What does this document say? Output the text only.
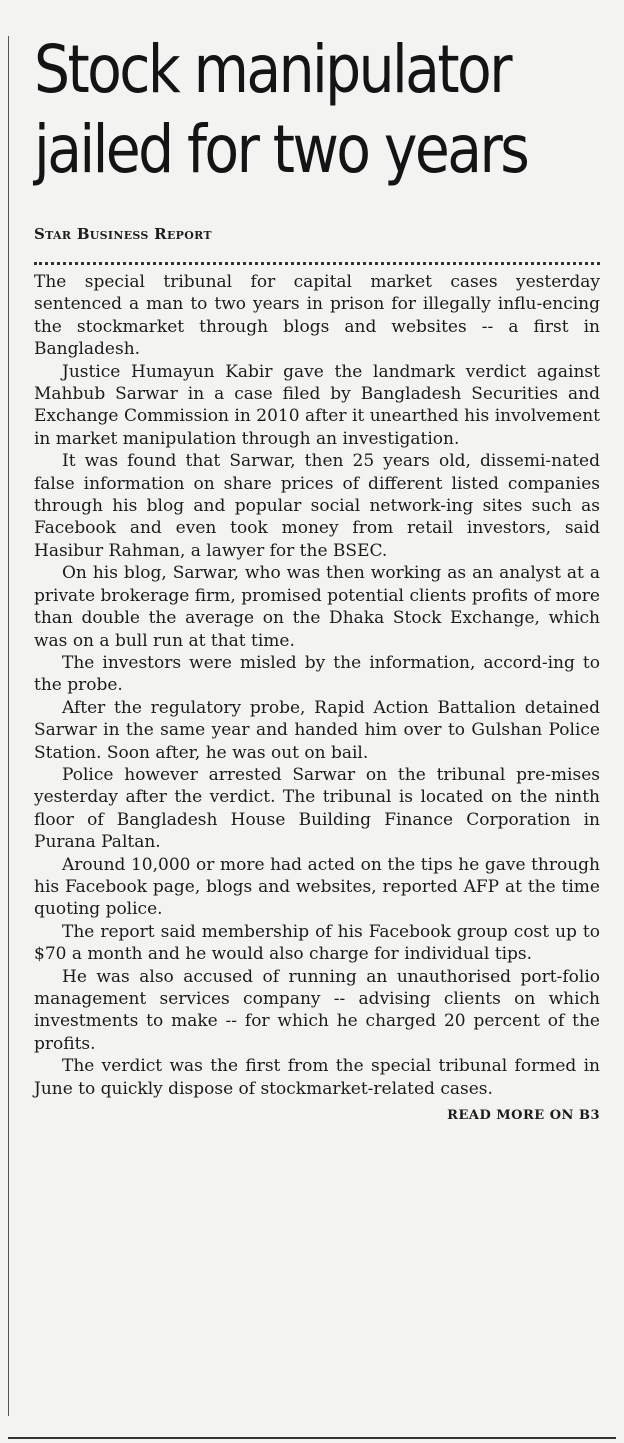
Stock manipulator
jailed for two years
Star Business Report

The special tribunal for capital market cases yesterday sentenced a man to two years in prison for illegally influ-encing the stockmarket through blogs and websites -- a first in Bangladesh.

Justice Humayun Kabir gave the landmark verdict against Mahbub Sarwar in a case filed by Bangladesh Securities and Exchange Commission in 2010 after it unearthed his involvement in market manipulation through an investigation.

It was found that Sarwar, then 25 years old, dissemi-nated false information on share prices of different listed companies through his blog and popular social network-ing sites such as Facebook and even took money from retail investors, said Hasibur Rahman, a lawyer for the BSEC.

On his blog, Sarwar, who was then working as an analyst at a private brokerage firm, promised potential clients profits of more than double the average on the Dhaka Stock Exchange, which was on a bull run at that time.

The investors were misled by the information, accord-ing to the probe.

After the regulatory probe, Rapid Action Battalion detained Sarwar in the same year and handed him over to Gulshan Police Station. Soon after, he was out on bail.

Police however arrested Sarwar on the tribunal pre-mises yesterday after the verdict. The tribunal is located on the ninth floor of Bangladesh House Building Finance Corporation in Purana Paltan.

Around 10,000 or more had acted on the tips he gave through his Facebook page, blogs and websites, reported AFP at the time quoting police.

The report said membership of his Facebook group cost up to $70 a month and he would also charge for individual tips.

He was also accused of running an unauthorised port-folio management services company -- advising clients on which investments to make -- for which he charged 20 percent of the profits.

The verdict was the first from the special tribunal formed in June to quickly dispose of stockmarket-related cases.

READ MORE ON B3
